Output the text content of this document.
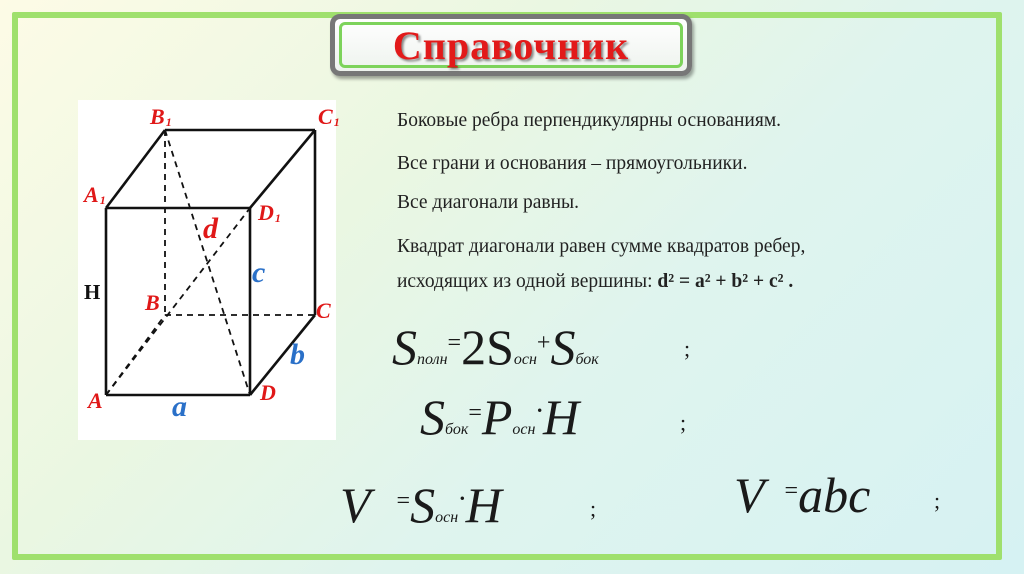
Справочник
$B_1$	$C_1$
$A_1$	$D_1$
B	C
D
A
d
c
b
a
H
Боковые ребра перпендикулярны основаниям.
Все грани и основания – прямоугольники.
Все диагонали равны.
Квадрат диагонали равен сумме квадратов ребер,
исходящих из одной вершины: d² = a² + b² + c² .
Sполн=2Sосн+Sбок	;
Sбок=Pосн·H	;
V =Sосн·H	;	V =abc	;
